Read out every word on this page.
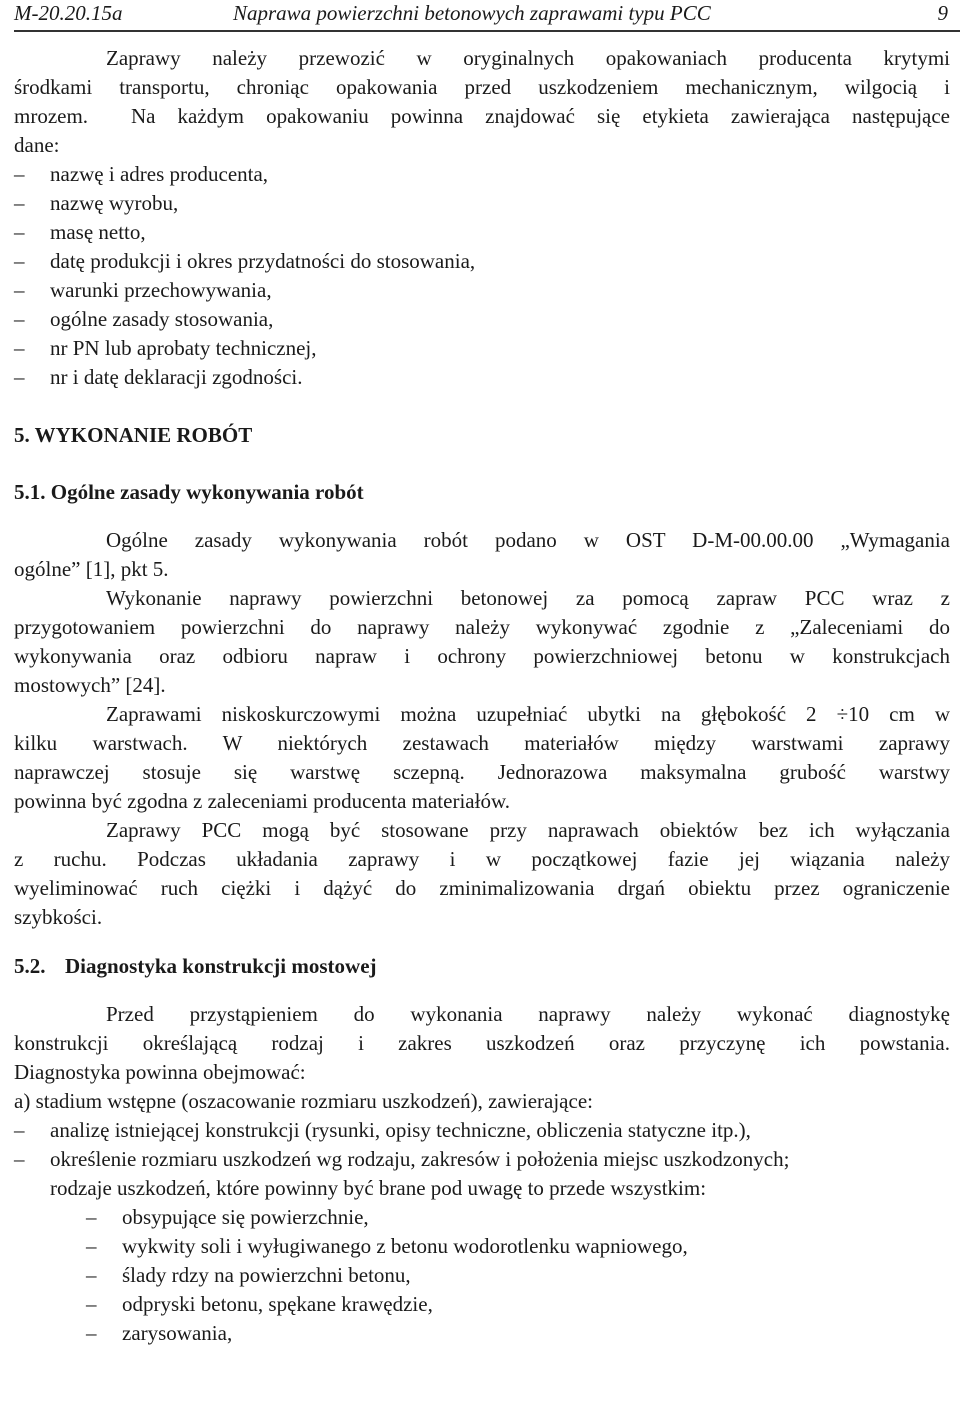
M-20.20.15a	Naprawa powierzchni betonowych zaprawami typu PCC	9
Zaprawy należy przewozić w oryginalnych opakowaniach producenta krytymi
środkami transportu, chroniąc opakowania przed uszkodzeniem mechanicznym, wilgocią i
mrozem. Na każdym opakowaniu powinna znajdować się etykieta zawierająca następujące
dane:
– nazwę i adres producenta,
– nazwę wyrobu,
– masę netto,
– datę produkcji i okres przydatności do stosowania,
– warunki przechowywania,
– ogólne zasady stosowania,
– nr PN lub aprobaty technicznej,
– nr i datę deklaracji zgodności.
5. WYKONANIE ROBÓT
5.1. Ogólne zasady wykonywania robót
Ogólne zasady wykonywania robót podano w OST D-M-00.00.00 „Wymagania
ogólne” [1], pkt 5.
Wykonanie naprawy powierzchni betonowej za pomocą zapraw PCC wraz z
przygotowaniem powierzchni do naprawy należy wykonywać zgodnie z „Zaleceniami do
wykonywania oraz odbioru napraw i ochrony powierzchniowej betonu w konstrukcjach
mostowych” [24].
Zaprawami niskoskurczowymi można uzupełniać ubytki na głębokość 2 ÷10 cm w
kilku warstwach. W niektórych zestawach materiałów między warstwami zaprawy
naprawczej stosuje się warstwę sczepną. Jednorazowa maksymalna grubość warstwy
powinna być zgodna z zaleceniami producenta materiałów.
Zaprawy PCC mogą być stosowane przy naprawach obiektów bez ich wyłączania
z ruchu. Podczas układania zaprawy i w początkowej fazie jej wiązania należy
wyeliminować ruch ciężki i dążyć do zminimalizowania drgań obiektu przez ograniczenie
szybkości.
5.2. Diagnostyka konstrukcji mostowej
Przed przystąpieniem do wykonania naprawy należy wykonać diagnostykę
konstrukcji określającą rodzaj i zakres uszkodzeń oraz przyczynę ich powstania.
Diagnostyka powinna obejmować:
a) stadium wstępne (oszacowanie rozmiaru uszkodzeń), zawierające:
– analizę istniejącej konstrukcji (rysunki, opisy techniczne, obliczenia statyczne itp.),
– określenie rozmiaru uszkodzeń wg rodzaju, zakresów i położenia miejsc uszkodzonych;
rodzaje uszkodzeń, które powinny być brane pod uwagę to przede wszystkim:
– obsypujące się powierzchnie,
– wykwity soli i wyługiwanego z betonu wodorotlenku wapniowego,
– ślady rdzy na powierzchni betonu,
– odpryski betonu, spękane krawędzie,
– zarysowania,
